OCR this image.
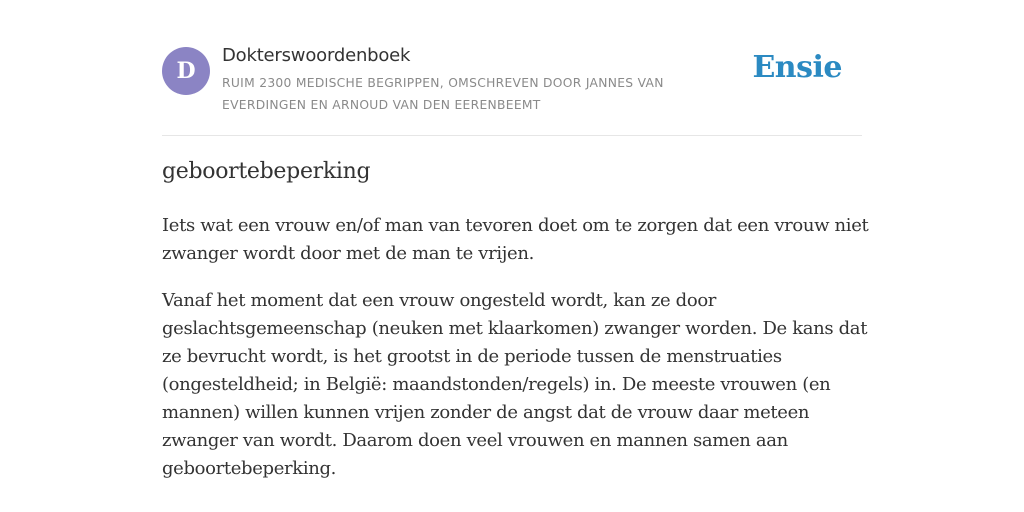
D
Dokterswoordenboek
RUIM 2300 MEDISCHE BEGRIPPEN, OMSCHREVEN DOOR JANNES VAN EVERDINGEN EN ARNOUD VAN DEN EERENBEEMT
Ensie
geboortebeperking

Iets wat een vrouw en/of man van tevoren doet om te zorgen dat een vrouw niet zwanger wordt door met de man te vrijen.

Vanaf het moment dat een vrouw ongesteld wordt, kan ze door geslachtsgemeenschap (neuken met klaarkomen) zwanger worden. De kans dat ze bevrucht wordt, is het grootst in de periode tussen de menstruaties (ongesteldheid; in België: maandstonden/regels) in. De meeste vrouwen (en mannen) willen kunnen vrijen zonder de angst dat de vrouw daar meteen zwanger van wordt. Daarom doen veel vrouwen en mannen samen aan geboortebeperking.
